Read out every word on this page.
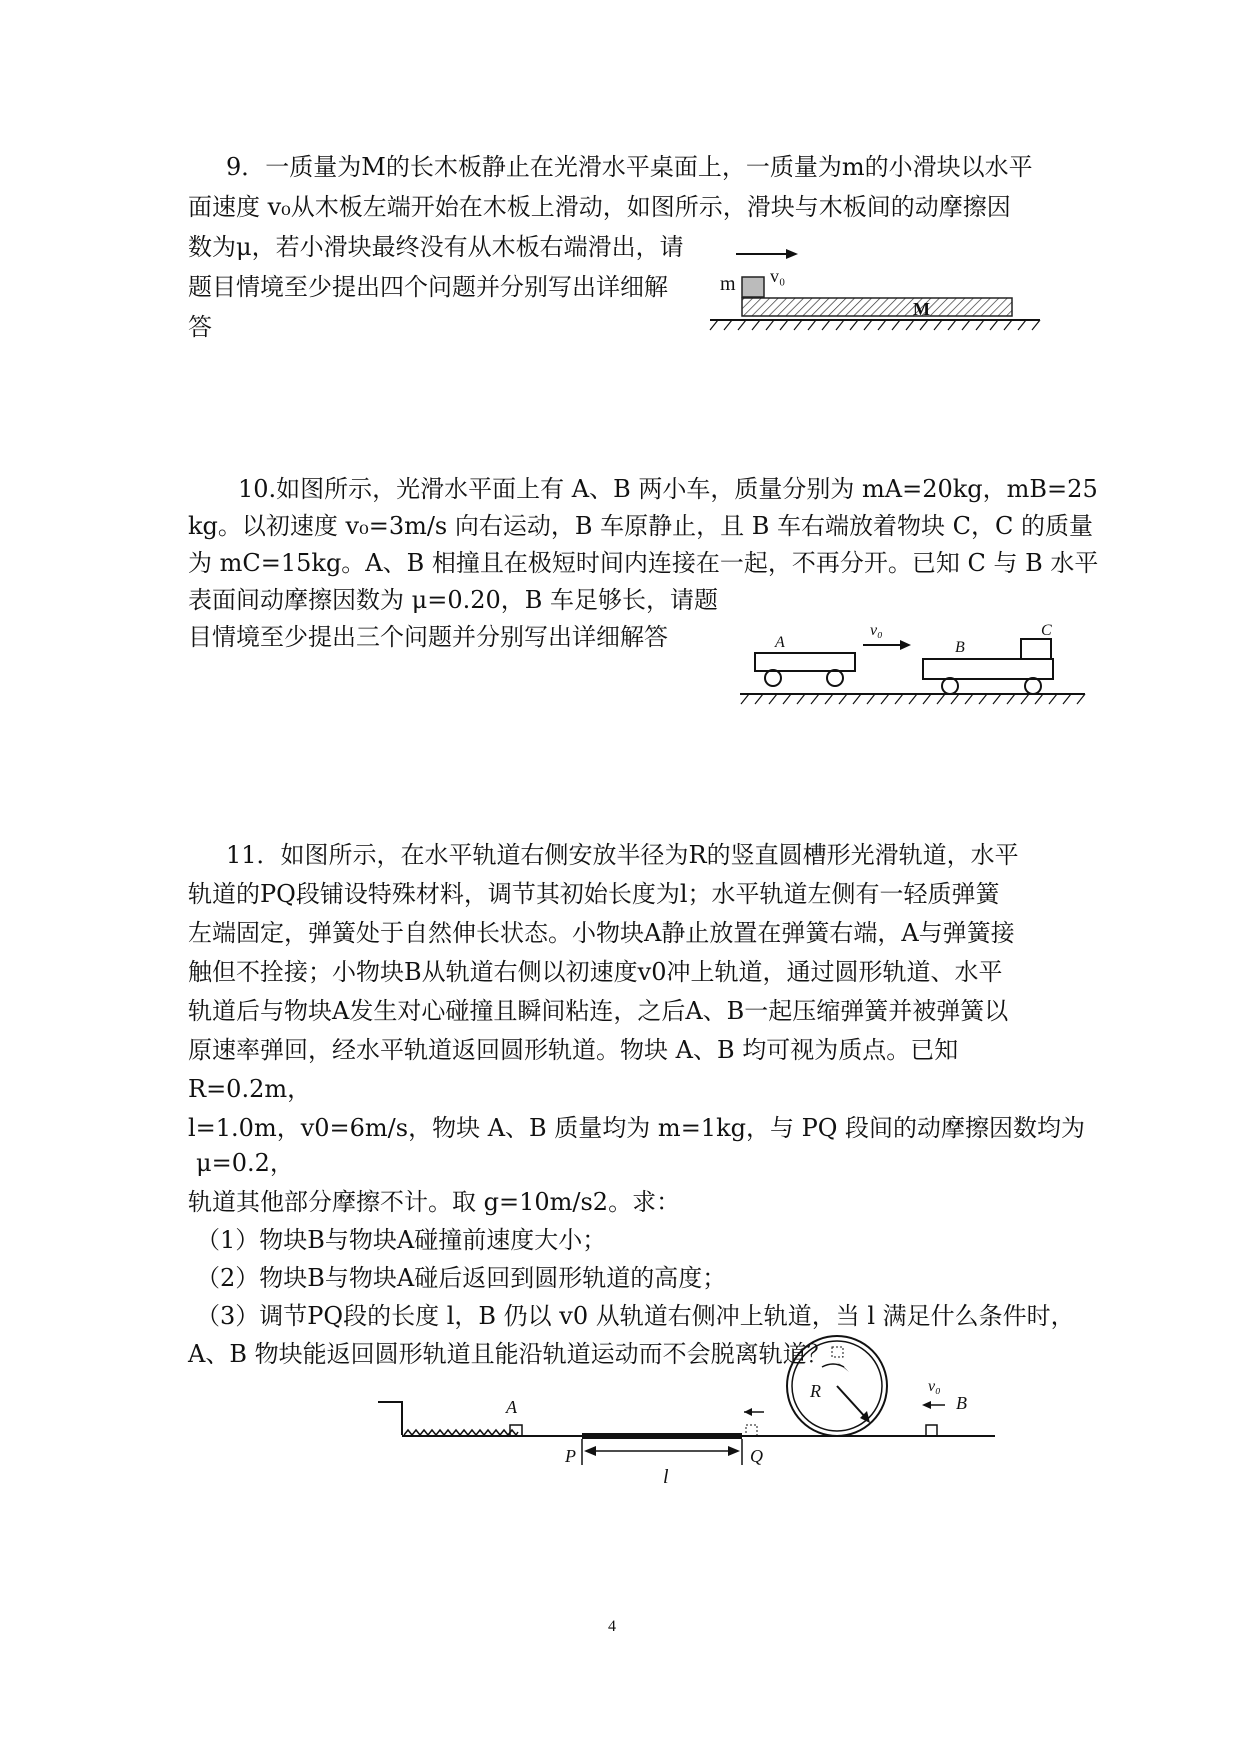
9．一质量为M的长木板静止在光滑水平桌面上，一质量为m的小滑块以水平
面速度 v₀从木板左端开始在木板上滑动，如图所示，滑块与木板间的动摩擦因
数为μ，若小滑块最终没有从木板右端滑出，请
题目情境至少提出四个问题并分别写出详细解
答
m v₀
M
10.如图所示，光滑水平面上有 A、B 两小车，质量分别为 mA=20kg，mB=25
kg。以初速度 v₀=3m/s 向右运动，B 车原静止，且 B 车右端放着物块 C，C 的质量
为 mC=15kg。A、B 相撞且在极短时间内连接在一起，不再分开。已知 C 与 B 水平
表面间动摩擦因数为 μ=0.20，B 车足够长，请题
目情境至少提出三个问题并分别写出详细解答	A
v₀
B
C
11．如图所示，在水平轨道右侧安放半径为R的竖直圆槽形光滑轨道，水平
轨道的PQ段铺设特殊材料，调节其初始长度为l；水平轨道左侧有一轻质弹簧
左端固定，弹簧处于自然伸长状态。小物块A静止放置在弹簧右端，A与弹簧接
触但不拴接；小物块B从轨道右侧以初速度v0冲上轨道，通过圆形轨道、水平
轨道后与物块A发生对心碰撞且瞬间粘连，之后A、B一起压缩弹簧并被弹簧以
原速率弹回，经水平轨道返回圆形轨道。物块 A、B 均可视为质点。已知
R=0.2m，
l=1.0m，v0=6m/s，物块 A、B 质量均为 m=1kg，与 PQ 段间的动摩擦因数均为
μ=0.2，
轨道其他部分摩擦不计。取 g=10m/s2。求：
（1）物块B与物块A碰撞前速度大小；
（2）物块B与物块A碰后返回到圆形轨道的高度；
（3）调节PQ段的长度 l，B 仍以 v0 从轨道右侧冲上轨道，当 l 满足什么条件时，
A、B 物块能返回圆形轨道且能沿轨道运动而不会脱离轨道？
A
P	Q
l
R	v₀
B
4
